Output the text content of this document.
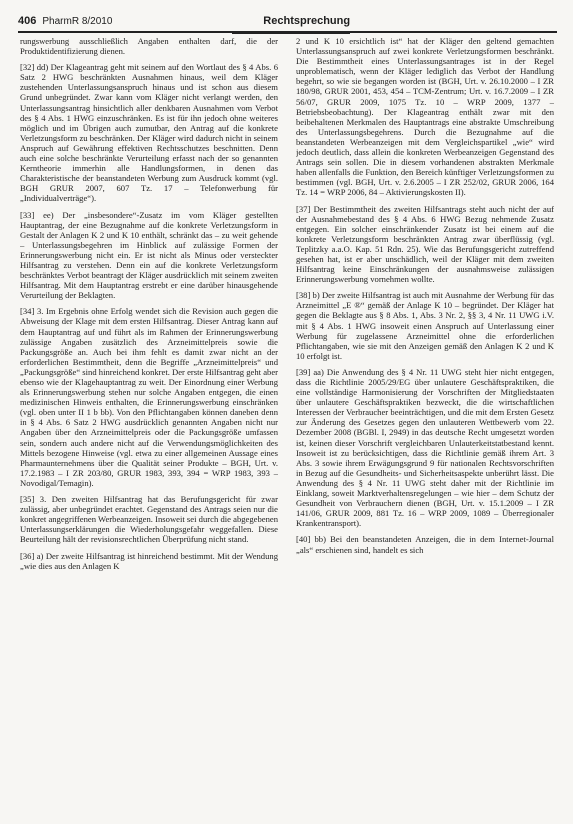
406 PharmR 8/2010	Rechtsprechung

rungswerbung ausschließlich Angaben enthalten darf, die der Produktidentifizierung dienen.

[32] dd) Der Klageantrag geht mit seinem auf den Wortlaut des § 4 Abs. 6 Satz 2 HWG beschränkten Ausnahmen hinaus, weil dem Kläger zustehenden Unterlassungsanspruch hinaus und ist schon aus diesem Grund unbegründet. Zwar kann vom Kläger nicht verlangt werden, den Unterlassungsantrag hinsichtlich aller denkbaren Ausnahmen vom Verbot des § 4 Abs. 1 HWG einzuschränken. Es ist für ihn jedoch ohne weiteres möglich und im Übrigen auch zumutbar, den Antrag auf die konkrete Verletzungsform zu beschränken. Der Kläger wird dadurch nicht in seinem Anspruch auf Gewährung effektiven Rechtsschutzes beschnitten. Denn auch eine solche beschränkte Verurteilung erfasst nach der so genannten Kerntheorie immerhin alle Handlungsformen, in denen das Charakteristische der beanstandeten Werbung zum Ausdruck kommt (vgl. BGH GRUR 2007, 607 Tz. 17 – Telefonwerbung für „Individualverträge“).

[33] ee) Der „insbesondere“-Zusatz im vom Kläger gestellten Hauptantrag, der eine Bezugnahme auf die konkrete Verletzungsform in Gestalt der Anlagen K 2 und K 10 enthält, schränkt das – zu weit gehende – Unterlassungsbegehren im Hinblick auf zulässige Formen der Erinnerungswerbung nicht ein. Er ist nicht als Minus oder versteckter Hilfsantrag zu verstehen. Denn ein auf die konkrete Verletzungsform beschränktes Verbot beantragt der Kläger ausdrücklich mit seinem zweiten Hilfsantrag. Mit dem Hauptantrag erstrebt er eine darüber hinausgehende Verurteilung der Beklagten.

[34] 3. Im Ergebnis ohne Erfolg wendet sich die Revision auch gegen die Abweisung der Klage mit dem ersten Hilfsantrag. Dieser Antrag kann auf dem Hauptantrag auf und führt als im Rahmen der Erinnerungswerbung zulässige Angaben zusätzlich des Arzneimittelpreis sowie die Packungsgröße an. Auch bei ihm fehlt es damit zwar nicht an der erforderlichen Bestimmtheit, denn die Begriffe „Arzneimittelpreis“ und „Packungsgröße“ sind hinreichend konkret. Der erste Hilfsantrag geht aber ebenso wie der Klagehauptantrag zu weit. Der Einordnung einer Werbung als Erinnerungswerbung stehen nur solche Angaben entgegen, die einen medizinischen Hinweis enthalten, die Erinnerungswerbung einschränken (vgl. oben unter II 1 b bb). Von den Pflichtangaben können daneben denn in § 4 Abs. 6 Satz 2 HWG ausdrücklich genannten Angaben nicht nur Angaben über den Arzneimittelpreis oder die Packungsgröße umfassen sein, sondern auch andere nicht auf die Verwendungsmöglichkeiten des Mittels bezogene Hinweise (vgl. etwa zu einer allgemeinen Aussage eines Pharmaunternehmens über die Qualität seiner Produkte – BGH, Urt. v. 17.2.1983 – I ZR 203/80, GRUR 1983, 393, 394 = WRP 1983, 393 – Novodigal/Temagin).

[35] 3. Den zweiten Hilfsantrag hat das Berufungsgericht für zwar zulässig, aber unbegründet erachtet. Gegenstand des Antrags seien nur die konkret angegriffenen Werbeanzeigen. Insoweit sei durch die abgegebenen Unterlassungserklärungen die Wiederholungsgefahr weggefallen. Diese Beurteilung hält der revisionsrechtlichen Überprüfung nicht stand.

[36] a) Der zweite Hilfsantrag ist hinreichend bestimmt. Mit der Wendung „wie dies aus den Anlagen K

2 und K 10 ersichtlich ist“ hat der Kläger den geltend gemachten Unterlassungsanspruch auf zwei konkrete Verletzungsformen beschränkt. Die Bestimmtheit eines Unterlassungsantrages ist in der Regel unproblematisch, wenn der Kläger lediglich das Verbot der Handlung begehrt, so wie sie begangen worden ist (BGH, Urt. v. 26.10.2000 – I ZR 180/98, GRUR 2001, 453, 454 – TCM-Zentrum; Urt. v. 16.7.2009 – I ZR 56/07, GRUR 2009, 1075 Tz. 10 – WRP 2009, 1377 – Betriebsbeobachtung). Der Klageantrag enthält zwar mit den beibehaltenen Merkmalen des Hauptantrags eine abstrakte Umschreibung des Unterlassungsbegehrens. Durch die Bezugnahme auf die beanstandeten Werbeanzeigen mit dem Vergleichspartikel „wie“ wird jedoch deutlich, dass allein die konkreten Werbeanzeigen Gegenstand des Antrags sein sollen. Die in diesem vorhandenen abstrakten Merkmale haben allenfalls die Funktion, den Bereich künftiger Verletzungsformen zu bestimmen (vgl. BGH, Urt. v. 2.6.2005 – I ZR 252/02, GRUR 2006, 164 Tz. 14 = WRP 2006, 84 – Aktivierungskosten II).

[37] Der Bestimmtheit des zweiten Hilfsantrags steht auch nicht der auf der Ausnahmebestand des § 4 Abs. 6 HWG Bezug nehmende Zusatz entgegen. Ein solcher einschränkender Zusatz ist bei einem auf die konkrete Verletzungsform beschränkten Antrag zwar überflüssig (vgl. Teplitzky a.a.O. Kap. 51 Rdn. 25). Wie das Berufungsgericht zutreffend gesehen hat, ist er aber unschädlich, weil der Kläger mit dem zweiten Hilfsantrag keine Einschränkungen der ausnahmsweise zulässigen Erinnerungswerbung vornehmen wollte.

[38] b) Der zweite Hilfsantrag ist auch mit Ausnahme der Werbung für das Arzneimittel „E ®“ gemäß der Anlage K 10 – begründet. Der Kläger hat gegen die Beklagte aus § 8 Abs. 1, Abs. 3 Nr. 2, §§ 3, 4 Nr. 11 UWG i.V. mit § 4 Abs. 1 HWG insoweit einen Anspruch auf Unterlassung einer Werbung für zugelassene Arzneimittel ohne die erforderlichen Pflichtangaben, wie sie mit den Anzeigen gemäß den Anlagen K 2 und K 10 erfolgt ist.

[39] aa) Die Anwendung des § 4 Nr. 11 UWG steht hier nicht entgegen, dass die Richtlinie 2005/29/EG über unlautere Geschäftspraktiken, die eine vollständige Harmonisierung der Vorschriften der Mitgliedstaaten über unlautere Geschäftspraktiken bezweckt, die die wirtschaftlichen Interessen der Verbraucher beeinträchtigen, und die mit dem Ersten Gesetz zur Änderung des Gesetzes gegen den unlauteren Wettbewerb vom 22. Dezember 2008 (BGBl. I, 2949) in das deutsche Recht umgesetzt worden ist, keinen dieser Vorschrift vergleichbaren Unlauterkeitstatbestand kennt. Insoweit ist zu berücksichtigen, dass die Richtlinie gemäß ihrem Art. 3 Abs. 3 sowie ihrem Erwägungsgrund 9 für nationalen Rechtsvorschriften in Bezug auf die Gesundheits- und Sicherheitsaspekte unberührt lässt. Die Anwendung des § 4 Nr. 11 UWG steht daher mit der Richtlinie im Einklang, soweit Marktverhaltensregelungen – wie hier – dem Schutz der Gesundheit von Verbrauchern dienen (BGH, Urt. v. 15.1.2009 – I ZR 141/06, GRUR 2009, 881 Tz. 16 – WRP 2009, 1089 – Überregionaler Krankentransport).

[40] bb) Bei den beanstandeten Anzeigen, die in dem Internet-Journal „als“ erschienen sind, handelt es sich
